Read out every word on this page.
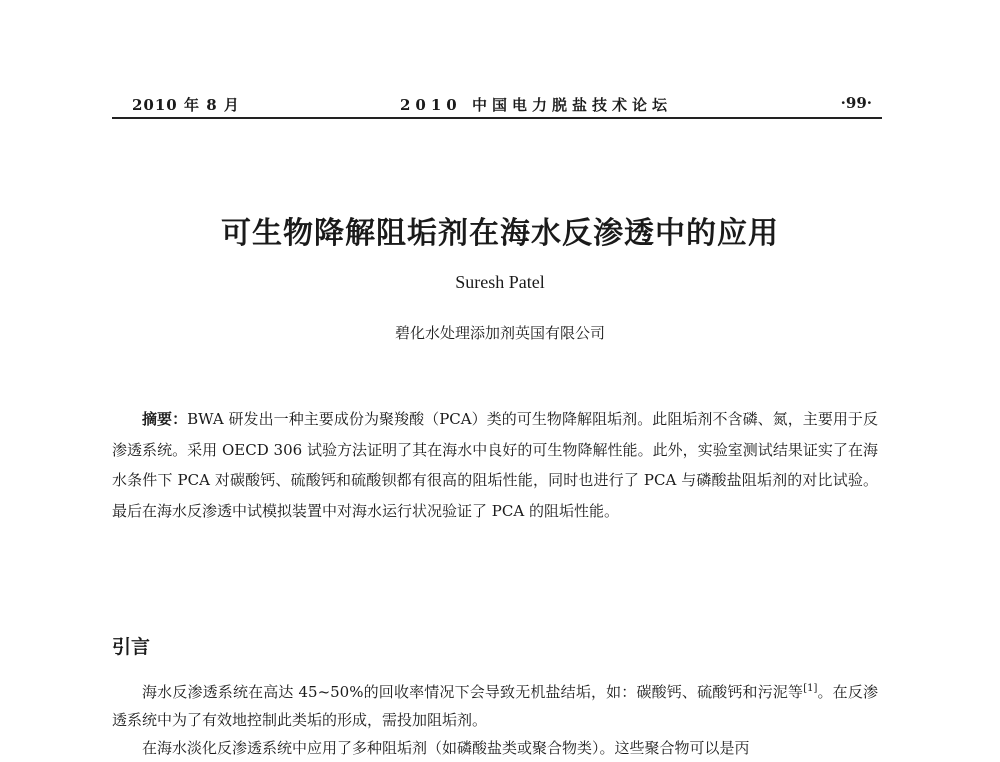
2010 年 8 月	2010 中国电力脱盐技术论坛	·99·
可生物降解阻垢剂在海水反渗透中的应用
Suresh Patel
碧化水处理添加剂英国有限公司
摘要：BWA 研发出一种主要成份为聚羧酸（PCA）类的可生物降解阻垢剂。此阻垢剂不含磷、氮，主要用于反渗透系统。采用 OECD 306 试验方法证明了其在海水中良好的可生物降解性能。此外，实验室测试结果证实了在海水条件下 PCA 对碳酸钙、硫酸钙和硫酸钡都有很高的阻垢性能，同时也进行了 PCA 与磷酸盐阻垢剂的对比试验。最后在海水反渗透中试模拟装置中对海水运行状况验证了 PCA 的阻垢性能。
引言

海水反渗透系统在高达 45~50%的回收率情况下会导致无机盐结垢，如：碳酸钙、硫酸钙和污泥等[1]。在反渗透系统中为了有效地控制此类垢的形成，需投加阻垢剂。

在海水淡化反渗透系统中应用了多种阻垢剂（如磷酸盐类或聚合物类）。这些聚合物可以是丙
